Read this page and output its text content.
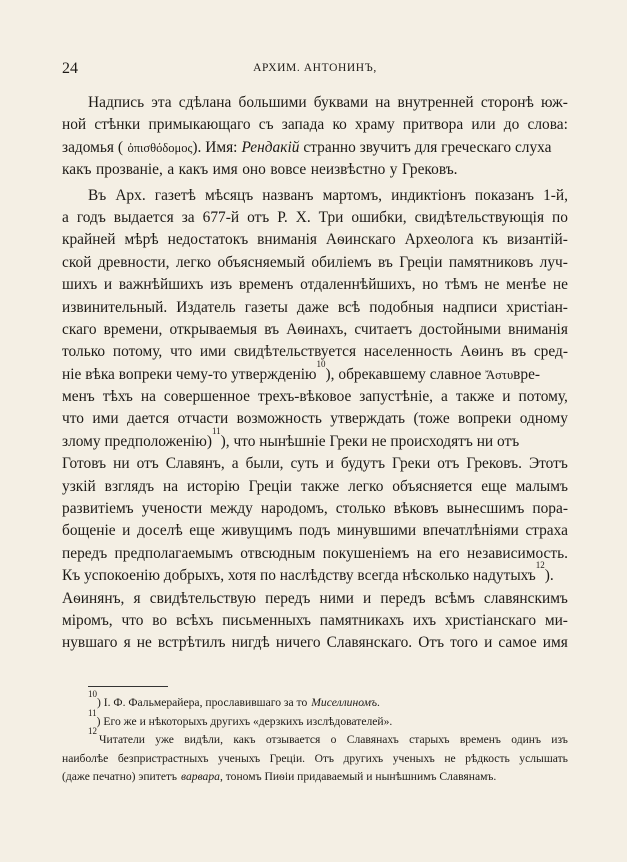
24	АРХИМ. АНТОНИНЪ,
Надпись эта сдѣлана большими буквами на внутренней сторонѣ юж-
ной стѣнки примыкающаго съ запада ко храму притвора или до слова:
задомья ( ὀπισθόδομος ). Имя: Рендакій странно звучитъ для греческаго слуха
какъ прозваніе, а какъ имя оно вовсе неизвѣстно у Грековъ.
Въ Арх. газетѣ мѣсяцъ названъ мартомъ, индиктіонъ показанъ 1-й,
а годъ выдается за 677-й отъ Р. Х. Три ошибки, свидѣтельствующія по
крайней мѣрѣ недостатокъ вниманія Аѳинскаго Археолога къ византій-
ской древности, легко объясняемый обиліемъ въ Греціи памятниковъ луч-
шихъ и важнѣйшихъ изъ временъ отдаленнѣйшихъ, но тѣмъ не менѣе не
извинительный. Издатель газеты даже всѣ подобныя надписи христіан-
скаго времени, открываемыя въ Аѳинахъ, считаетъ достойными вниманія
только потому, что ими свидѣтельствуется населенность Аѳинъ въ сред-
ніе вѣка вопреки чему-то утвержденію
10
), обрекавшему славное Ἄστυ вре-
менъ тѣхъ на совершенное трехъ-вѣковое запустѣніе, а также и потому,
что ими дается отчасти возможность утверждать (тоже вопреки одному
злому предположенію)
11
), что нынѣшніе Греки не происходятъ ни отъ
Готовъ ни отъ Славянъ, а были, суть и будутъ Греки отъ Грековъ. Этотъ
узкій взглядъ на исторію Греціи также легко объясняется еще малымъ
развитіемъ учености между народомъ, столько вѣковъ вынесшимъ пора-
бощеніе и доселѣ еще живущимъ подъ минувшими впечатлѣніями страха
передъ предполагаемымъ отвсюдным покушеніемъ на его независимость.
Къ успокоенію добрыхъ, хотя по наслѣдству всегда нѣсколько надутыхъ
12
).
Аѳинянъ, я свидѣтельствую передъ ними и передъ всѣмъ славянскимъ
міромъ, что во всѣхъ письменныхъ памятникахъ ихъ христіанскаго ми-
нувшаго я не встрѣтилъ нигдѣ ничего Славянскаго. Отъ того и самое имя
10
) І. Ф. Фальмерайера, прославившаго за то Миселлиномъ .
11
) Его же и нѣкоторыхъ другихъ «дерзкихъ изслѣдователей».
12
Читатели уже видѣли, какъ отзывается о Славянахъ старыхъ временъ одинъ изъ
наиболѣе безпристрастныхъ ученыхъ Греціи. Отъ другихъ ученыхъ не рѣдкость услышать
(даже печатно) эпитетъ варвара , тономъ Пиѳіи придаваемый и нынѣшнимъ Славянамъ.
